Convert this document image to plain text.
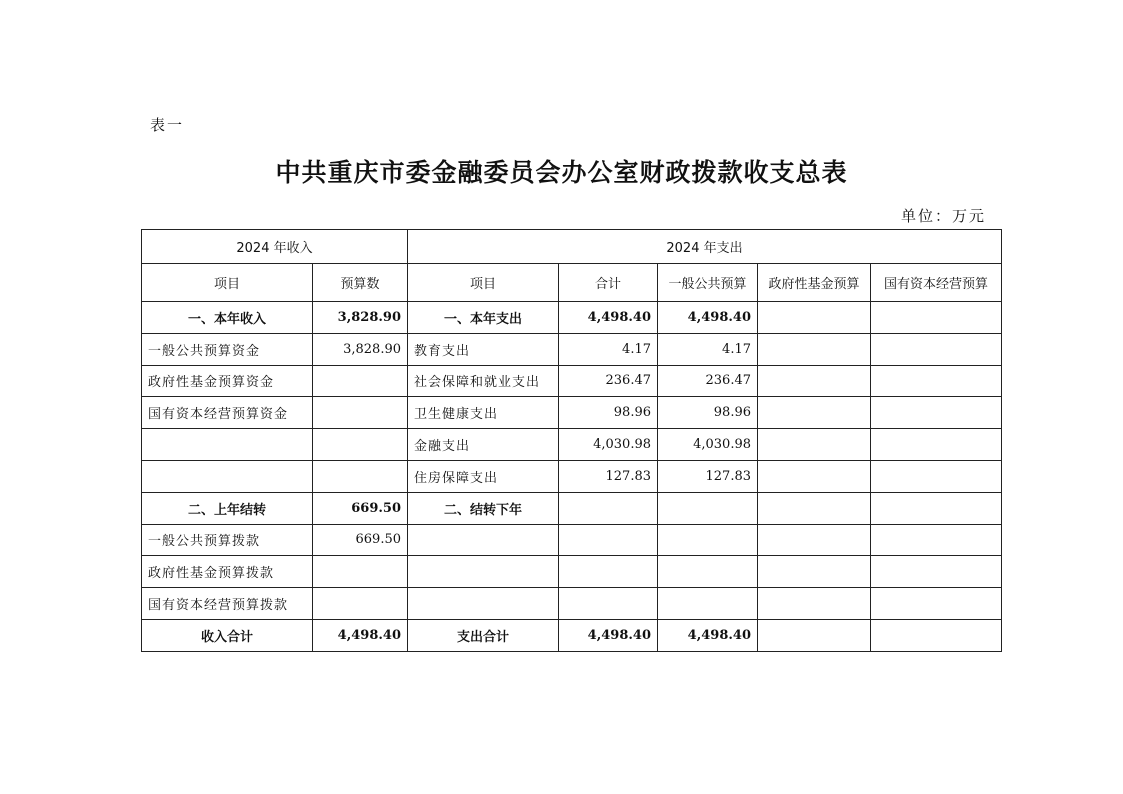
表一
中共重庆市委金融委员会办公室财政拨款收支总表
单位：万元
2024 年收入		2024 年支出				
项目	预算数	项目	合计	一般公共预算	政府性基金预算	国有资本经营预算
一、本年收入	3,828.90	一、本年支出	4,498.40	4,498.40		
一般公共预算资金	3,828.90	教育支出	4.17	4.17		
政府性基金预算资金		社会保障和就业支出	236.47	236.47		
国有资本经营预算资金		卫生健康支出	98.96	98.96		
		金融支出	4,030.98	4,030.98		
		住房保障支出	127.83	127.83		
二、上年结转	669.50	二、结转下年				
一般公共预算拨款	669.50					
政府性基金预算拨款						
国有资本经营预算拨款						
收入合计	4,498.40	支出合计	4,498.40	4,498.40		
